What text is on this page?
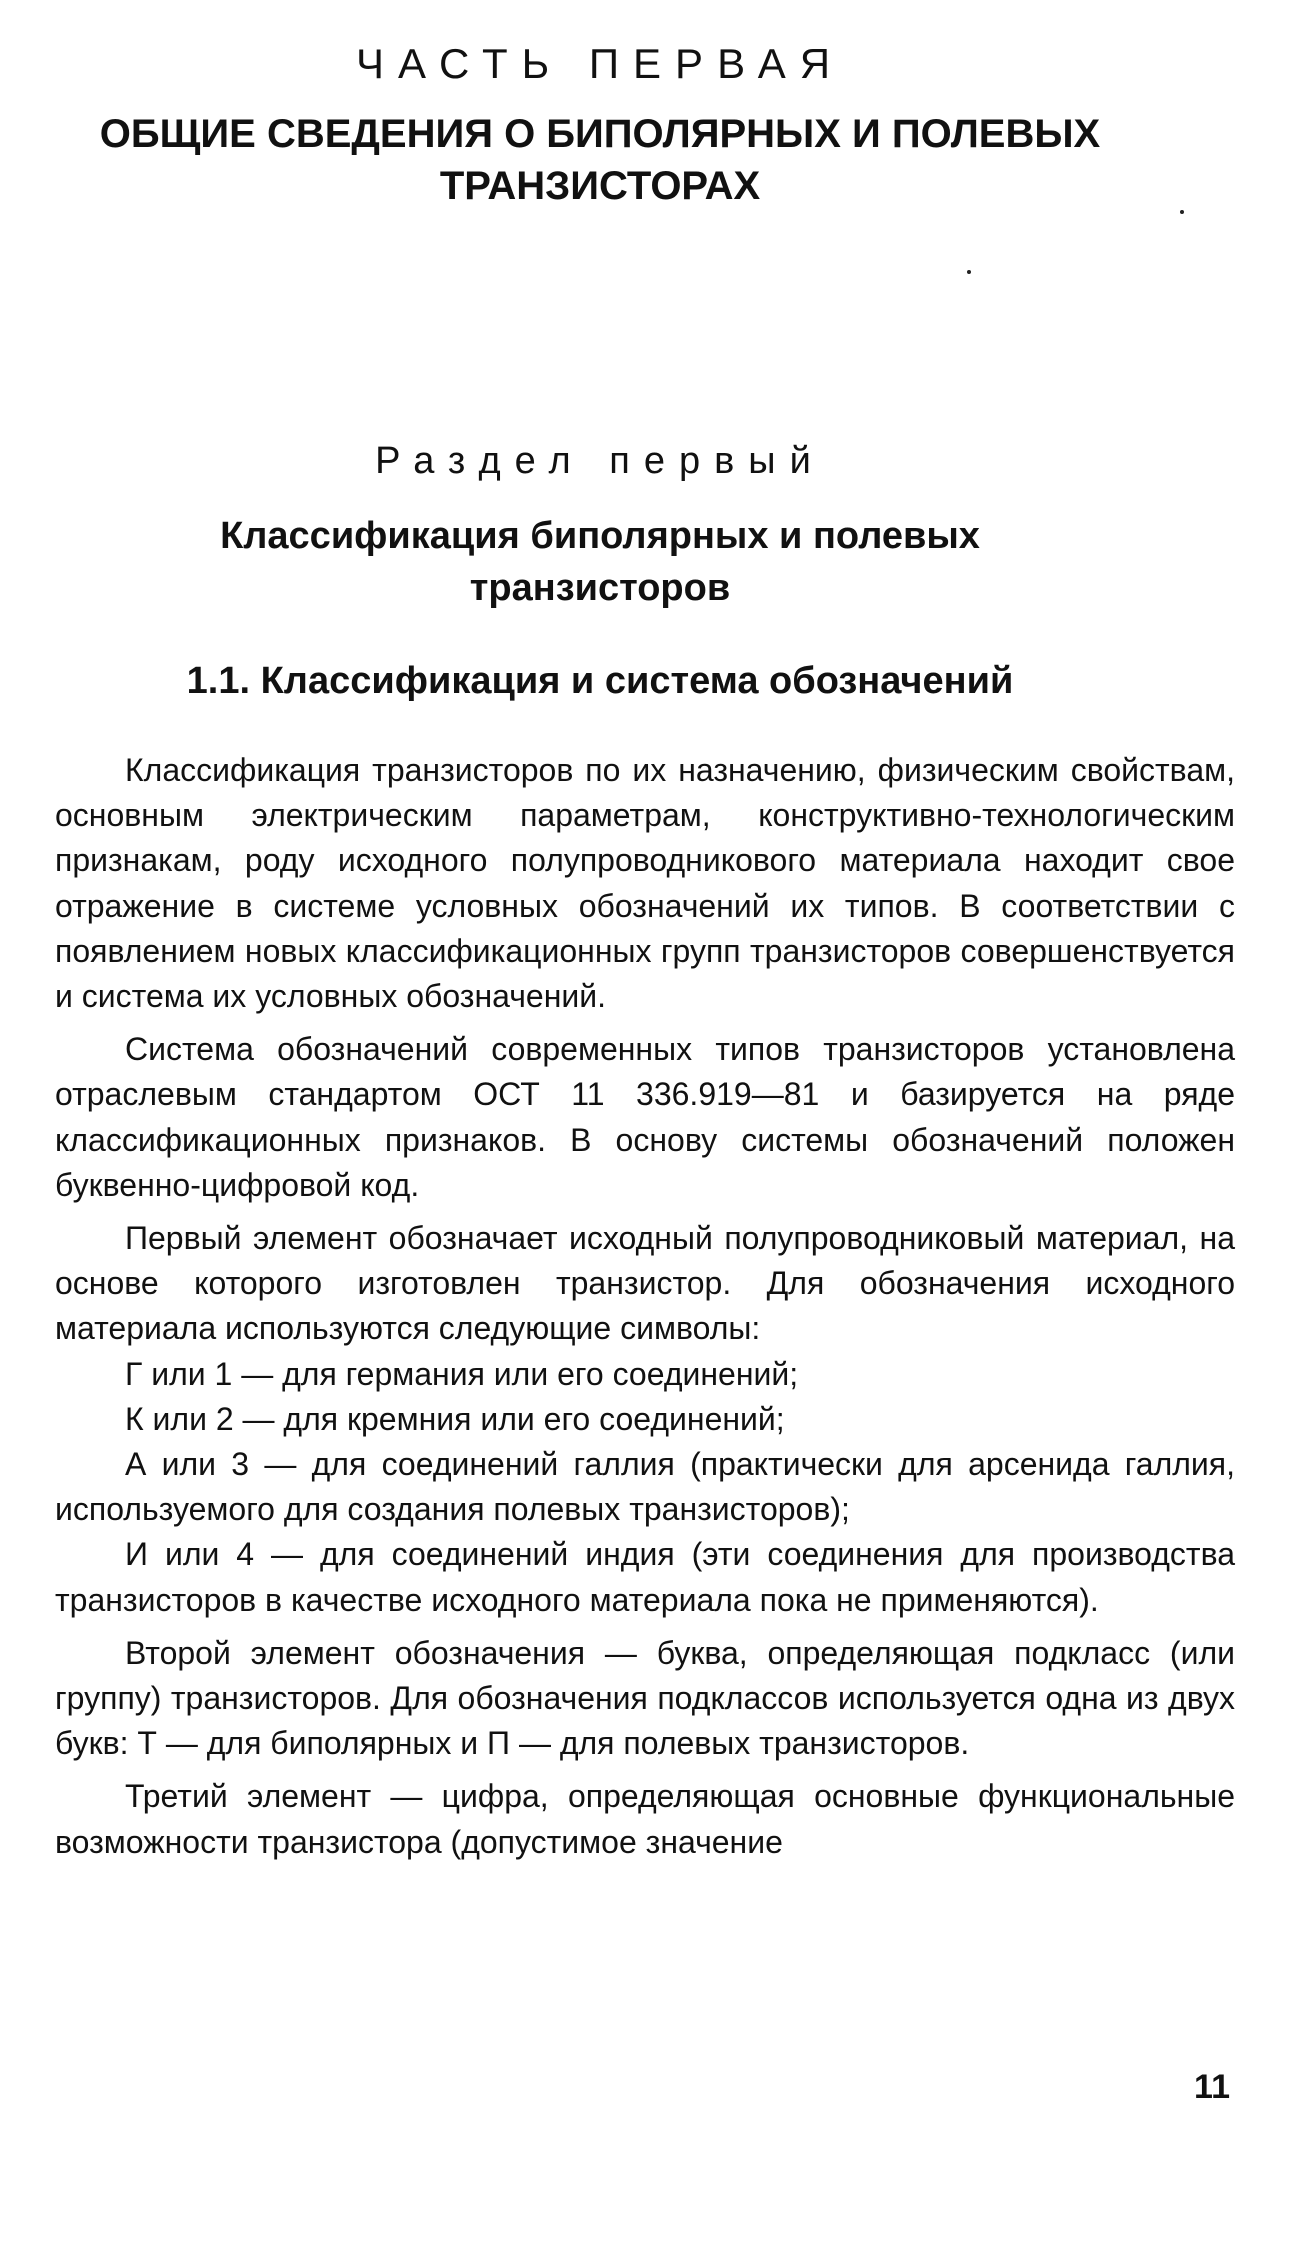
ЧАСТЬ ПЕРВАЯ
ОБЩИЕ СВЕДЕНИЯ О БИПОЛЯРНЫХ И ПОЛЕВЫХ
ТРАНЗИСТОРАХ
Раздел первый
Классификация биполярных и полевых
транзисторов
1.1. Классификация и система обозначений

Классификация транзисторов по их назначению, физическим свойствам, основным электрическим параметрам, конструктивно-технологическим признакам, роду исходного полупроводникового материала находит свое отражение в системе условных обозначений их типов. В соответствии с появлением новых классификационных групп транзисторов совершенствуется и система их условных обозначений.

Система обозначений современных типов транзисторов установлена отраслевым стандартом ОСТ 11 336.919—81 и базируется на ряде классификационных признаков. В основу системы обозначений положен буквенно-цифровой код.

Первый элемент обозначает исходный полупроводниковый материал, на основе которого изготовлен транзистор. Для обозначения исходного материала используются следующие символы:

Г или 1 — для германия или его соединений;

К или 2 — для кремния или его соединений;

А или 3 — для соединений галлия (практически для арсенида галлия, используемого для создания полевых транзисторов);

И или 4 — для соединений индия (эти соединения для производства транзисторов в качестве исходного материала пока не применяются).

Второй элемент обозначения — буква, определяющая подкласс (или группу) транзисторов. Для обозначения подклассов используется одна из двух букв: Т — для биполярных и П — для полевых транзисторов.

Третий элемент — цифра, определяющая основные функциональные возможности транзистора (допустимое значение

11
